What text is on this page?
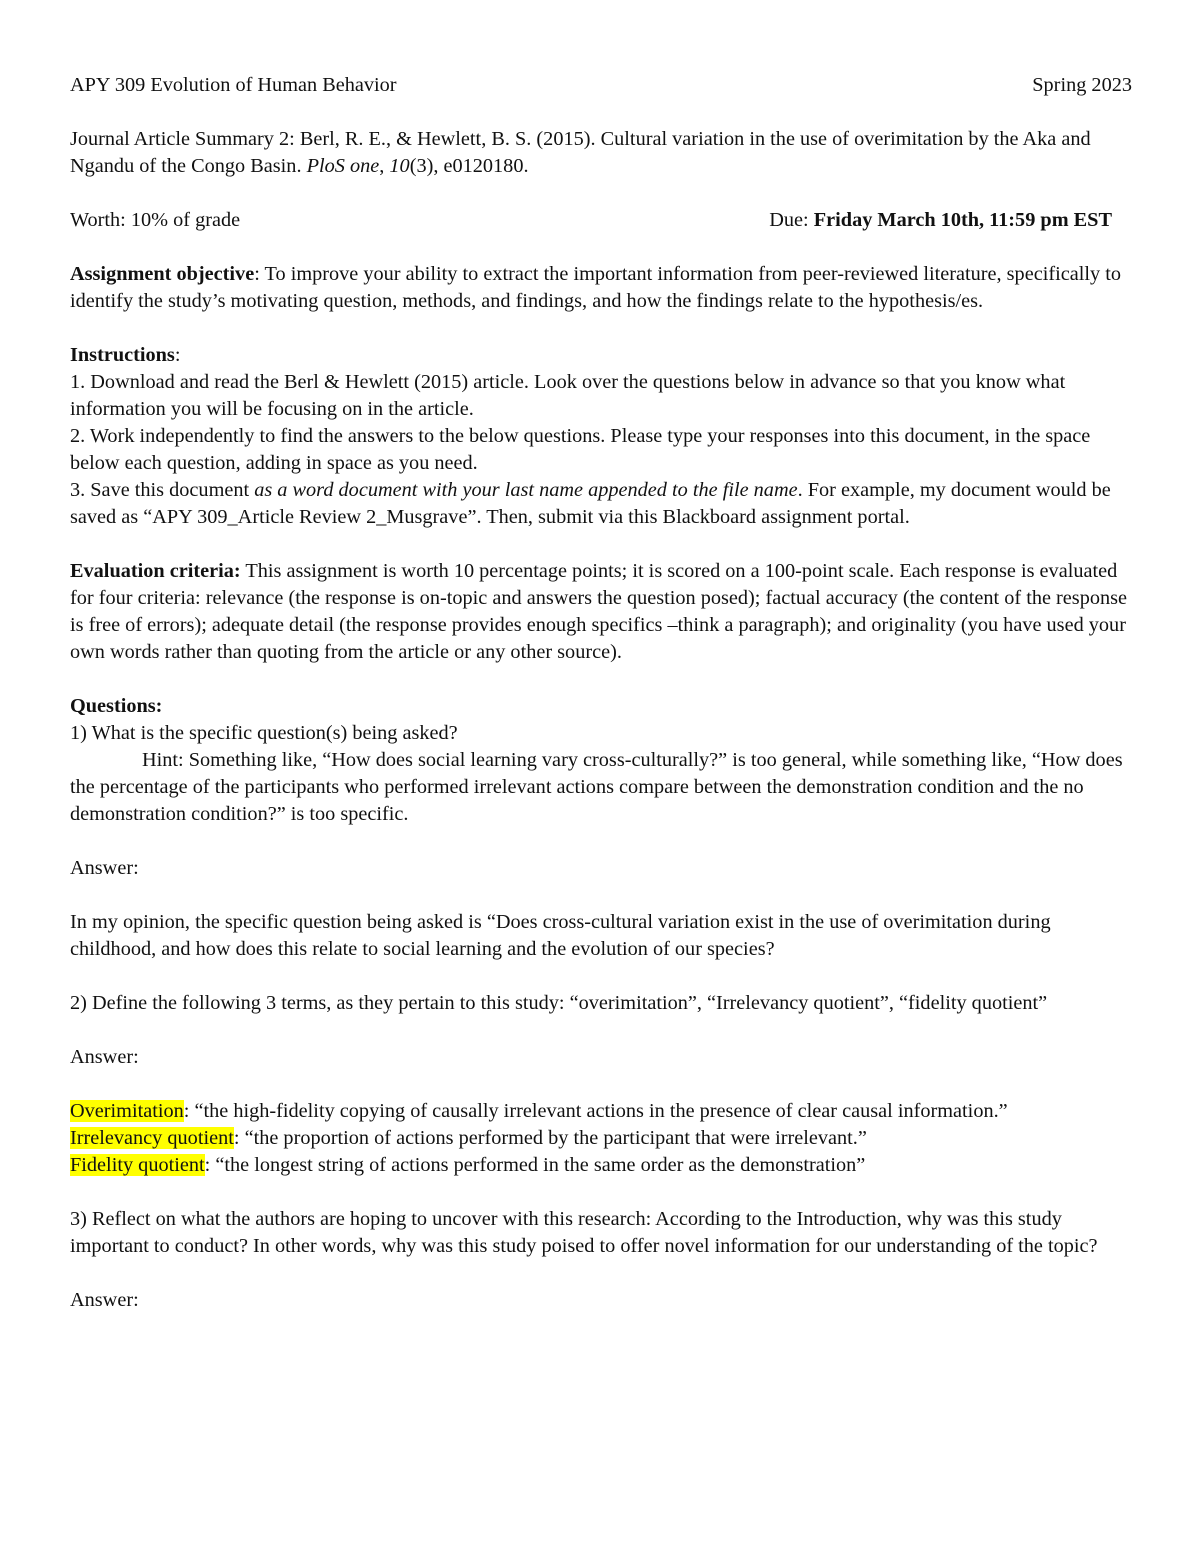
APY 309 Evolution of Human Behavior	Spring 2023

Journal Article Summary 2: Berl, R. E., & Hewlett, B. S. (2015). Cultural variation in the use of overimitation by the Aka and Ngandu of the Congo Basin. PloS one, 10(3), e0120180.

Worth: 10% of grade	Due: Friday March 10th, 11:59 pm EST

Assignment objective: To improve your ability to extract the important information from peer-reviewed literature, specifically to identify the study’s motivating question, methods, and findings, and how the findings relate to the hypothesis/es.

Instructions:

1. Download and read the Berl & Hewlett (2015) article. Look over the questions below in advance so that you know what information you will be focusing on in the article.

2. Work independently to find the answers to the below questions. Please type your responses into this document, in the space below each question, adding in space as you need.

3. Save this document as a word document with your last name appended to the file name. For example, my document would be saved as “APY 309_Article Review 2_Musgrave”. Then, submit via this Blackboard assignment portal.

Evaluation criteria: This assignment is worth 10 percentage points; it is scored on a 100-point scale. Each response is evaluated for four criteria: relevance (the response is on-topic and answers the question posed); factual accuracy (the content of the response is free of errors); adequate detail (the response provides enough specifics –think a paragraph); and originality (you have used your own words rather than quoting from the article or any other source).

Questions:

1) What is the specific question(s) being asked?

Hint: Something like, “How does social learning vary cross-culturally?” is too general, while something like, “How does the percentage of the participants who performed irrelevant actions compare between the demonstration condition and the no demonstration condition?” is too specific.

Answer:

In my opinion, the specific question being asked is “Does cross-cultural variation exist in the use of overimitation during childhood, and how does this relate to social learning and the evolution of our species?

2) Define the following 3 terms, as they pertain to this study: “overimitation”, “Irrelevancy quotient”, “fidelity quotient”

Answer:

Overimitation: “the high-fidelity copying of causally irrelevant actions in the presence of clear causal information.”

Irrelevancy quotient: “the proportion of actions performed by the participant that were irrelevant.”

Fidelity quotient: “the longest string of actions performed in the same order as the demonstration”

3) Reflect on what the authors are hoping to uncover with this research: According to the Introduction, why was this study important to conduct? In other words, why was this study poised to offer novel information for our understanding of the topic?

Answer:
